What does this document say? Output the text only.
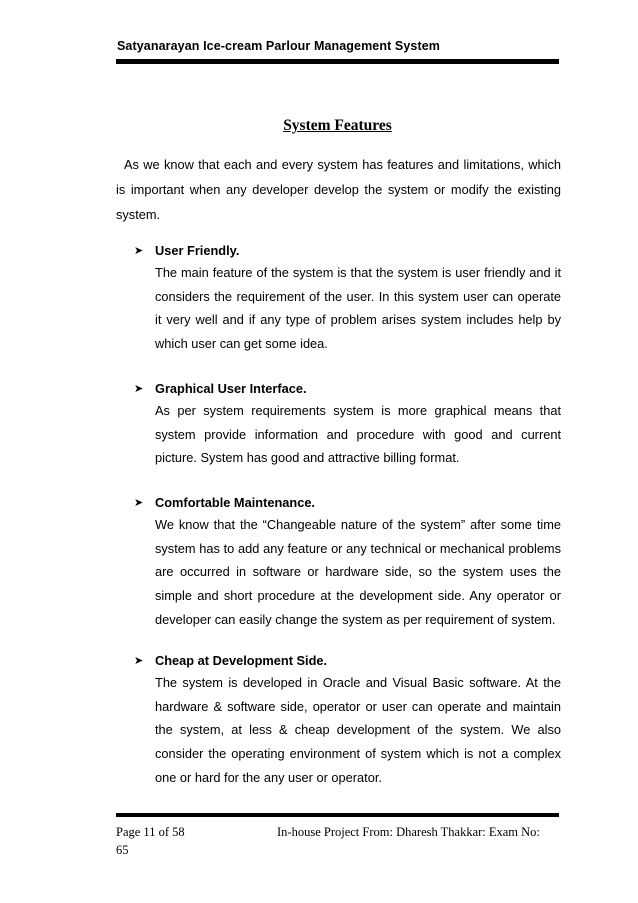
Satyanarayan Ice-cream Parlour Management System
System Features

As we know that each and every system has features and limitations, which is important when any developer develop the system or modify the existing system.

➤ User Friendly.

The main feature of the system is that the system is user friendly and it considers the requirement of the user. In this system user can operate it very well and if any type of problem arises system includes help by which user can get some idea.

➤ Graphical User Interface.

As per system requirements system is more graphical means that system provide information and procedure with good and current picture. System has good and attractive billing format.

➤ Comfortable Maintenance.

We know that the “Changeable nature of the system” after some time system has to add any feature or any technical or mechanical problems are occurred in software or hardware side, so the system uses the simple and short procedure at the development side. Any operator or developer can easily change the system as per requirement of system.

➤ Cheap at Development Side.

The system is developed in Oracle and Visual Basic software. At the hardware & software side, operator or user can operate and maintain the system, at less & cheap development of the system. We also consider the operating environment of system which is not a complex one or hard for the any user or operator.

Page 11 of 58
65
In-house Project From: Dharesh Thakkar: Exam No:
